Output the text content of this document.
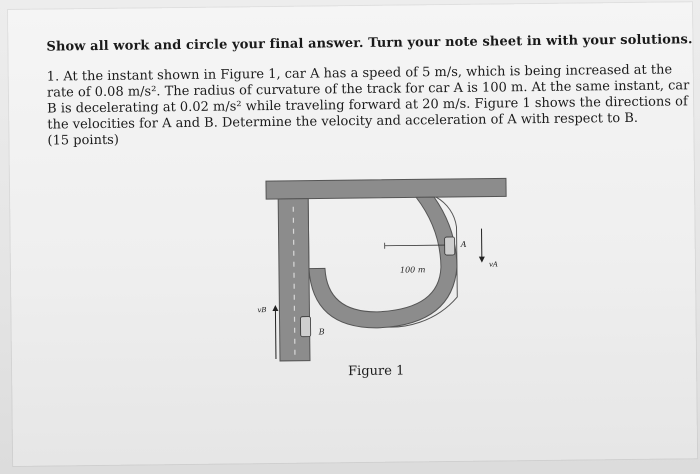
Show all work and circle your final answer. Turn your note sheet in with your solutions.
1. At the instant shown in Figure 1, car A has a speed of 5 m/s, which is being increased at the
rate of 0.08 m/s². The radius of curvature of the track for car A is 100 m. At the same instant, car
B is decelerating at 0.02 m/s² while traveling forward at 20 m/s. Figure 1 shows the directions of
the velocities for A and B. Determine the velocity and acceleration of A with respect to B.
(15 points)
100 m
A
vA
B
vB
Figure 1
